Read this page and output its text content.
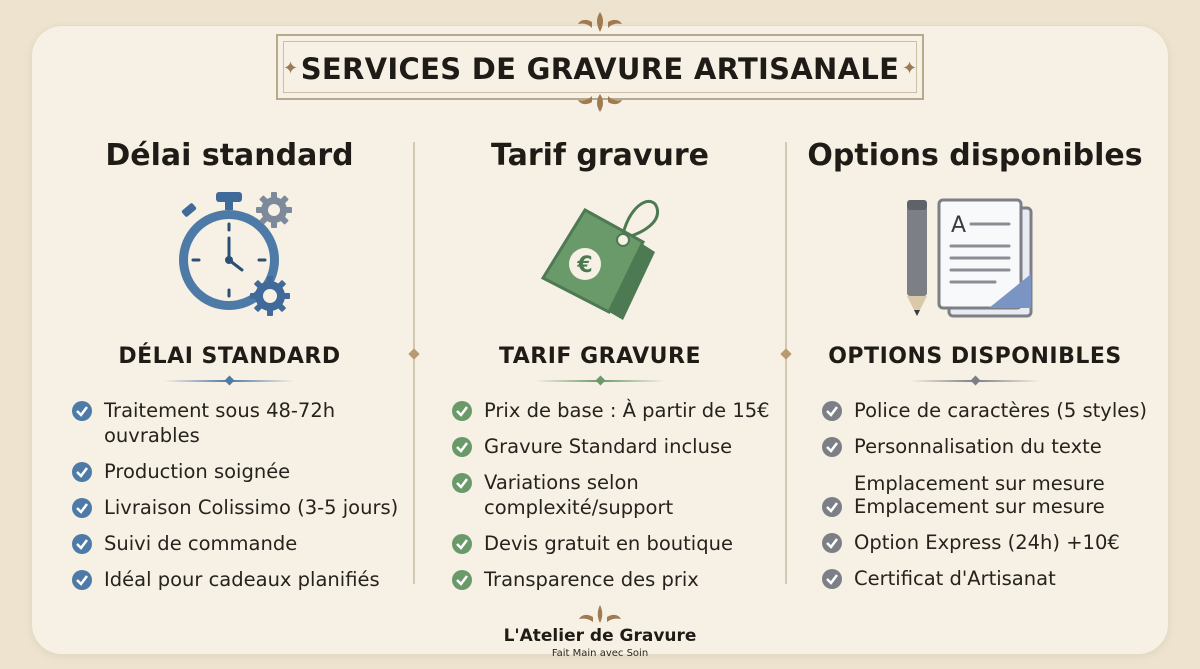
SERVICES DE GRAVURE ARTISANALE
✦	✦
Délai standard
DÉLAI STANDARD
Traitement sous 48-72h
ouvrables
Production soignée
Livraison Colissimo (3-5 jours)
Suivi de commande
Idéal pour cadeaux planifiés
Tarif gravure
€
TARIF GRAVURE
Prix de base : À partir de 15€
Gravure Standard incluse
Variations selon
complexité/support
Devis gratuit en boutique
Transparence des prix
Options disponibles
A
OPTIONS DISPONIBLES
Police de caractères (5 styles)
Personnalisation du texte
Emplacement sur mesure
Emplacement sur mesure
Option Express (24h) +10€
Certificat d'Artisanat
L'Atelier de Gravure
Fait Main avec Soin
